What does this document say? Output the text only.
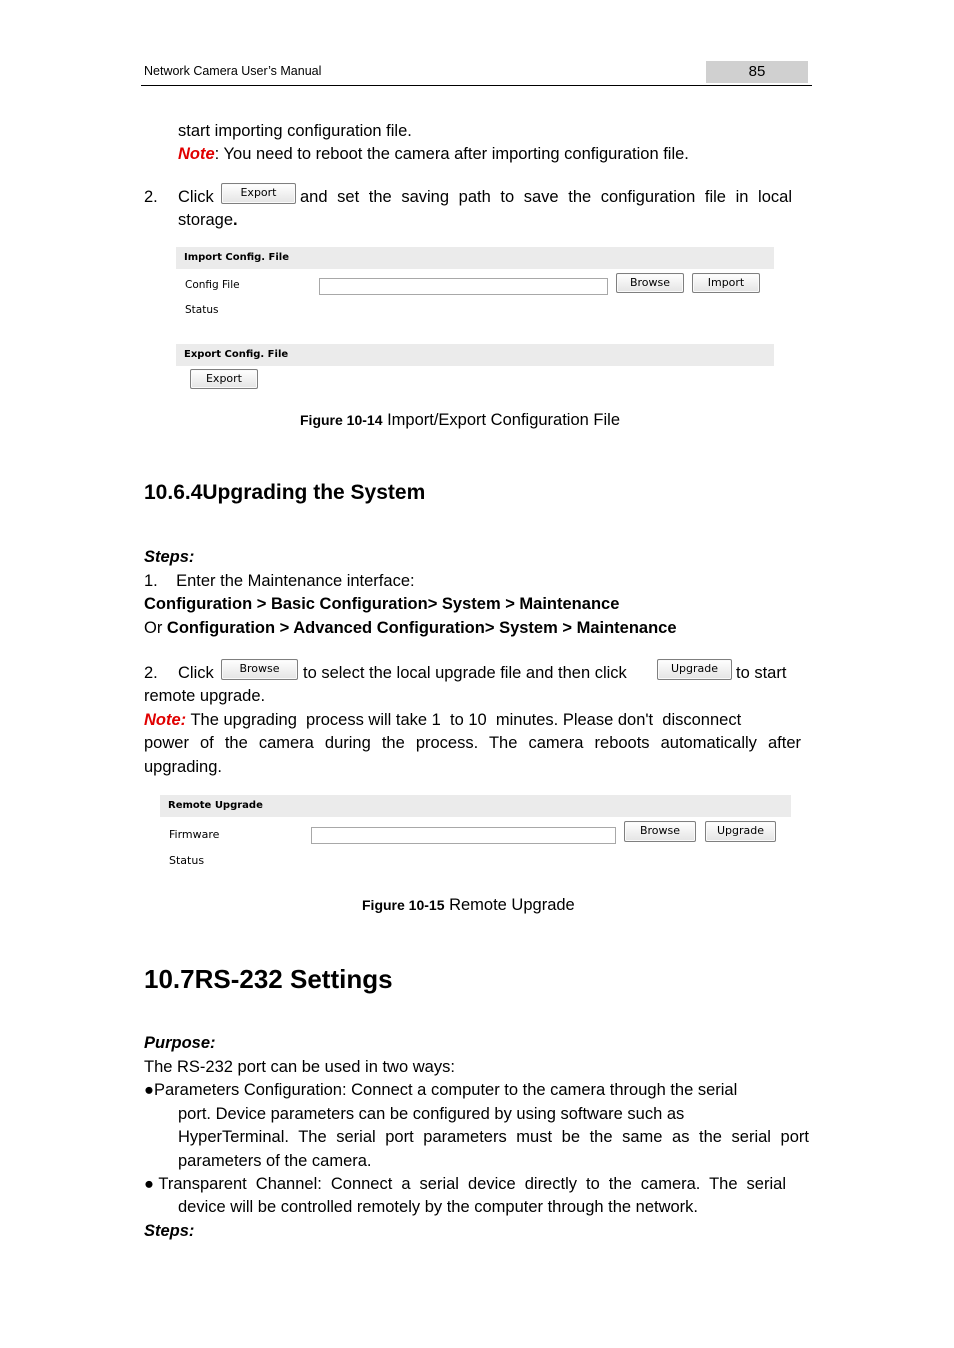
Network Camera User’s Manual	85
start importing configuration file.
Note: You need to reboot the camera after importing configuration file.
2. Click	Export	and set the saving path to save the configuration file in local
storage.
Import Config. File
Config File	Browse	Import
Status
Export Config. File
Export
Figure 10-14 Import/Export Configuration File
10.6.4Upgrading the System
Steps:
1.    Enter the Maintenance interface:
Configuration > Basic Configuration> System > Maintenance
Or Configuration > Advanced Configuration> System > Maintenance
2. Click	Browse	to select the local upgrade file and then click	Upgrade	to start
remote upgrade.
Note: The upgrading  process will take 1  to 10  minutes. Please don't  disconnect
power of the camera during the process. The camera reboots automatically after
upgrading.
Remote Upgrade
Firmware	Browse	Upgrade
Status
Figure 10-15 Remote Upgrade
10.7RS-232 Settings
Purpose:
The RS-232 port can be used in two ways:
●Parameters Configuration: Connect a computer to the camera through the serial
port. Device parameters can be configured by using software such as
HyperTerminal. The serial port parameters must be the same as the serial port
parameters of the camera.
●Transparent Channel: Connect a serial device directly to the camera. The serial
device will be controlled remotely by the computer through the network.
Steps:
